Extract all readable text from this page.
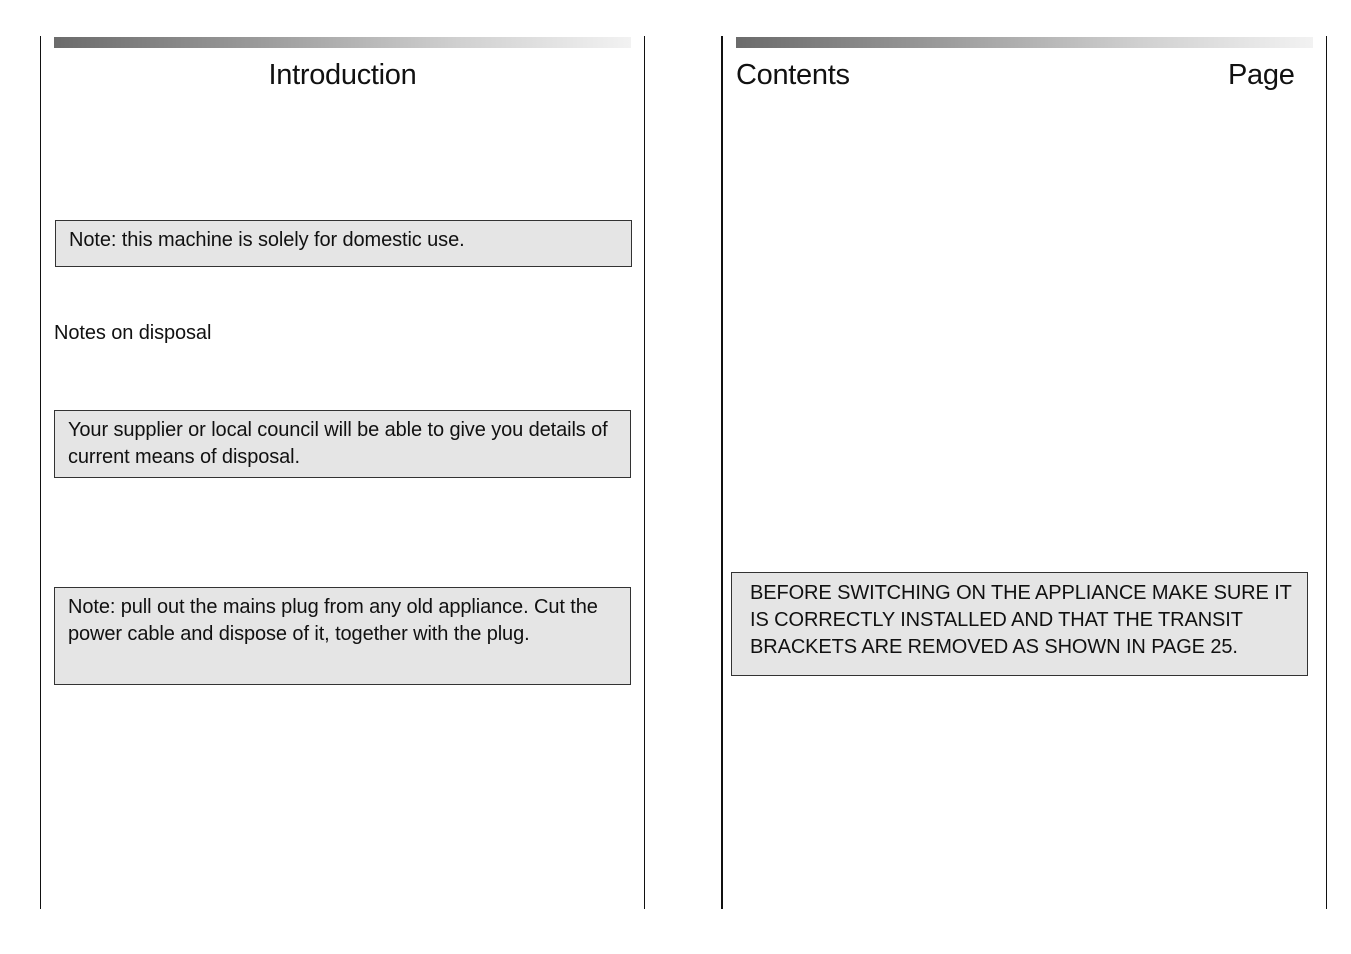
Introduction
Note: this machine is solely for domestic use.
Notes on disposal
Your supplier or local council will be able to give you details of current means of disposal.
Note: pull out the mains plug from any old appliance. Cut the power cable and dispose of it, together with the plug.
Contents	Page
BEFORE SWITCHING ON THE APPLIANCE MAKE SURE IT IS CORRECTLY INSTALLED AND THAT THE TRANSIT BRACKETS ARE REMOVED AS SHOWN IN PAGE 25.
